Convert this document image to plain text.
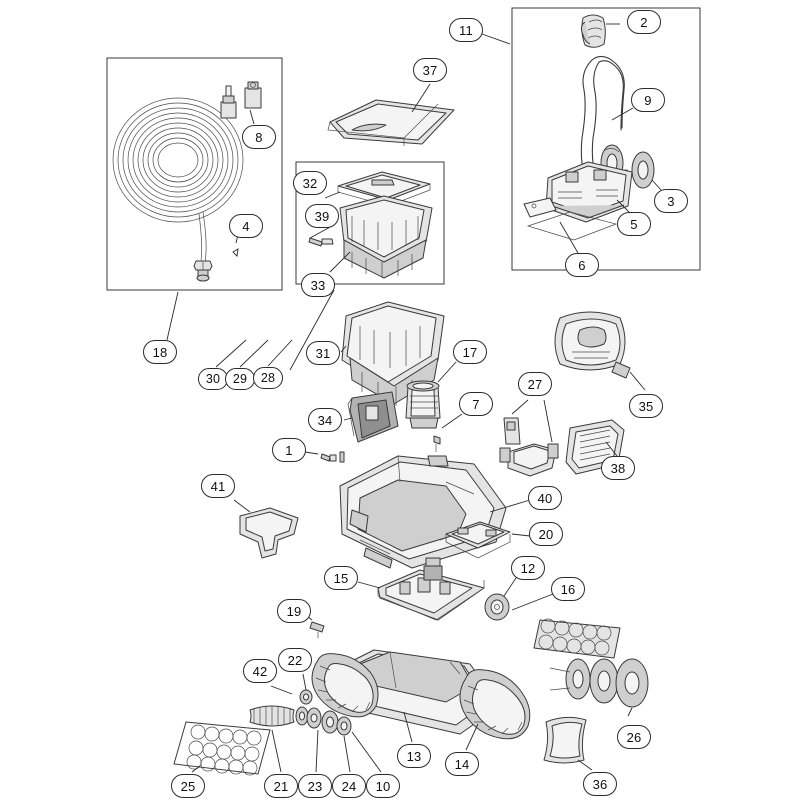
2
11
37
9
8
3
32
5
39
4
6
33
18	31	17
30	29	28	27
35
7
34
1
38
41
40
20
15
12
16
19
22
42
26
13
14
36
25	21	23	24	10
